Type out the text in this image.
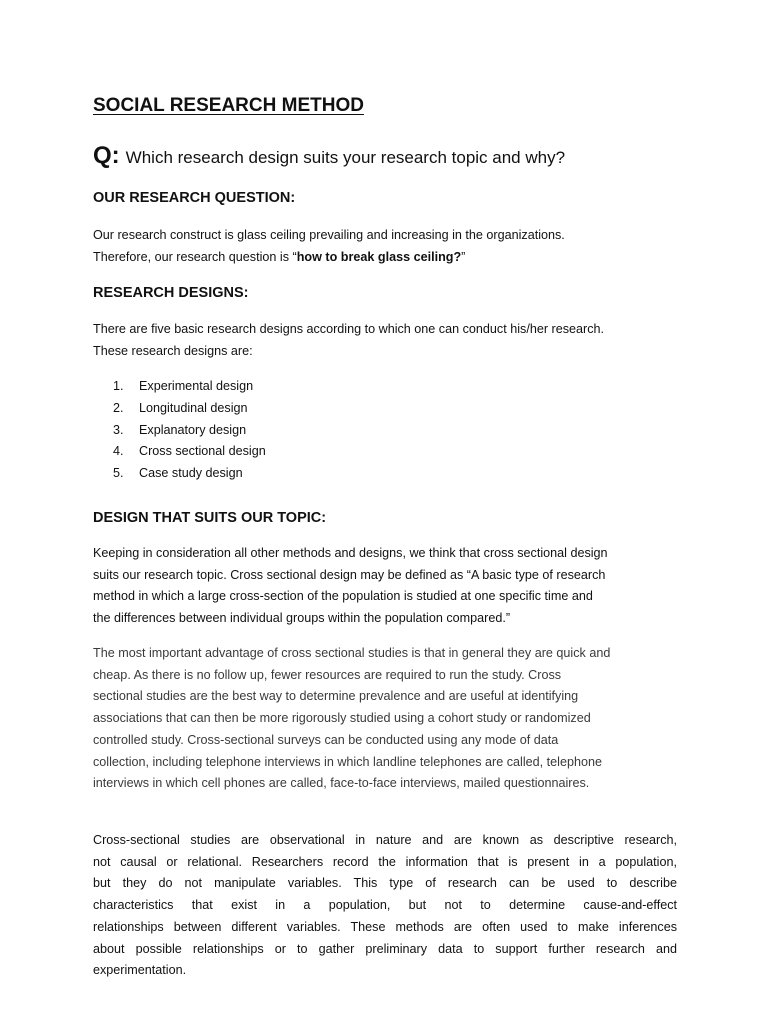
SOCIAL RESEARCH METHOD

Q: Which research design suits your research topic and why?

OUR RESEARCH QUESTION:

Our research construct is glass ceiling prevailing and increasing in the organizations.
Therefore, our research question is “how to break glass ceiling?”

RESEARCH DESIGNS:

There are five basic research designs according to which one can conduct his/her research.
These research designs are:

1. Experimental design
2. Longitudinal design
3. Explanatory design
4. Cross sectional design
5. Case study design
DESIGN THAT SUITS OUR TOPIC:

Keeping in consideration all other methods and designs, we think that cross sectional design
suits our research topic. Cross sectional design may be defined as “A basic type of research
method in which a large cross-section of the population is studied at one specific time and
the differences between individual groups within the population compared.”

The most important advantage of cross sectional studies is that in general they are quick and
cheap. As there is no follow up, fewer resources are required to run the study. Cross
sectional studies are the best way to determine prevalence and are useful at identifying
associations that can then be more rigorously studied using a cohort study or randomized
controlled study. Cross-sectional surveys can be conducted using any mode of data
collection, including telephone interviews in which landline telephones are called, telephone
interviews in which cell phones are called, face-to-face interviews, mailed questionnaires.

Cross-sectional studies are observational in nature and are known as descriptive research,
not causal or relational. Researchers record the information that is present in a population,
but they do not manipulate variables. This type of research can be used to describe
characteristics that exist in a population, but not to determine cause-and-effect
relationships between different variables. These methods are often used to make inferences
about possible relationships or to gather preliminary data to support further research and
experimentation.
